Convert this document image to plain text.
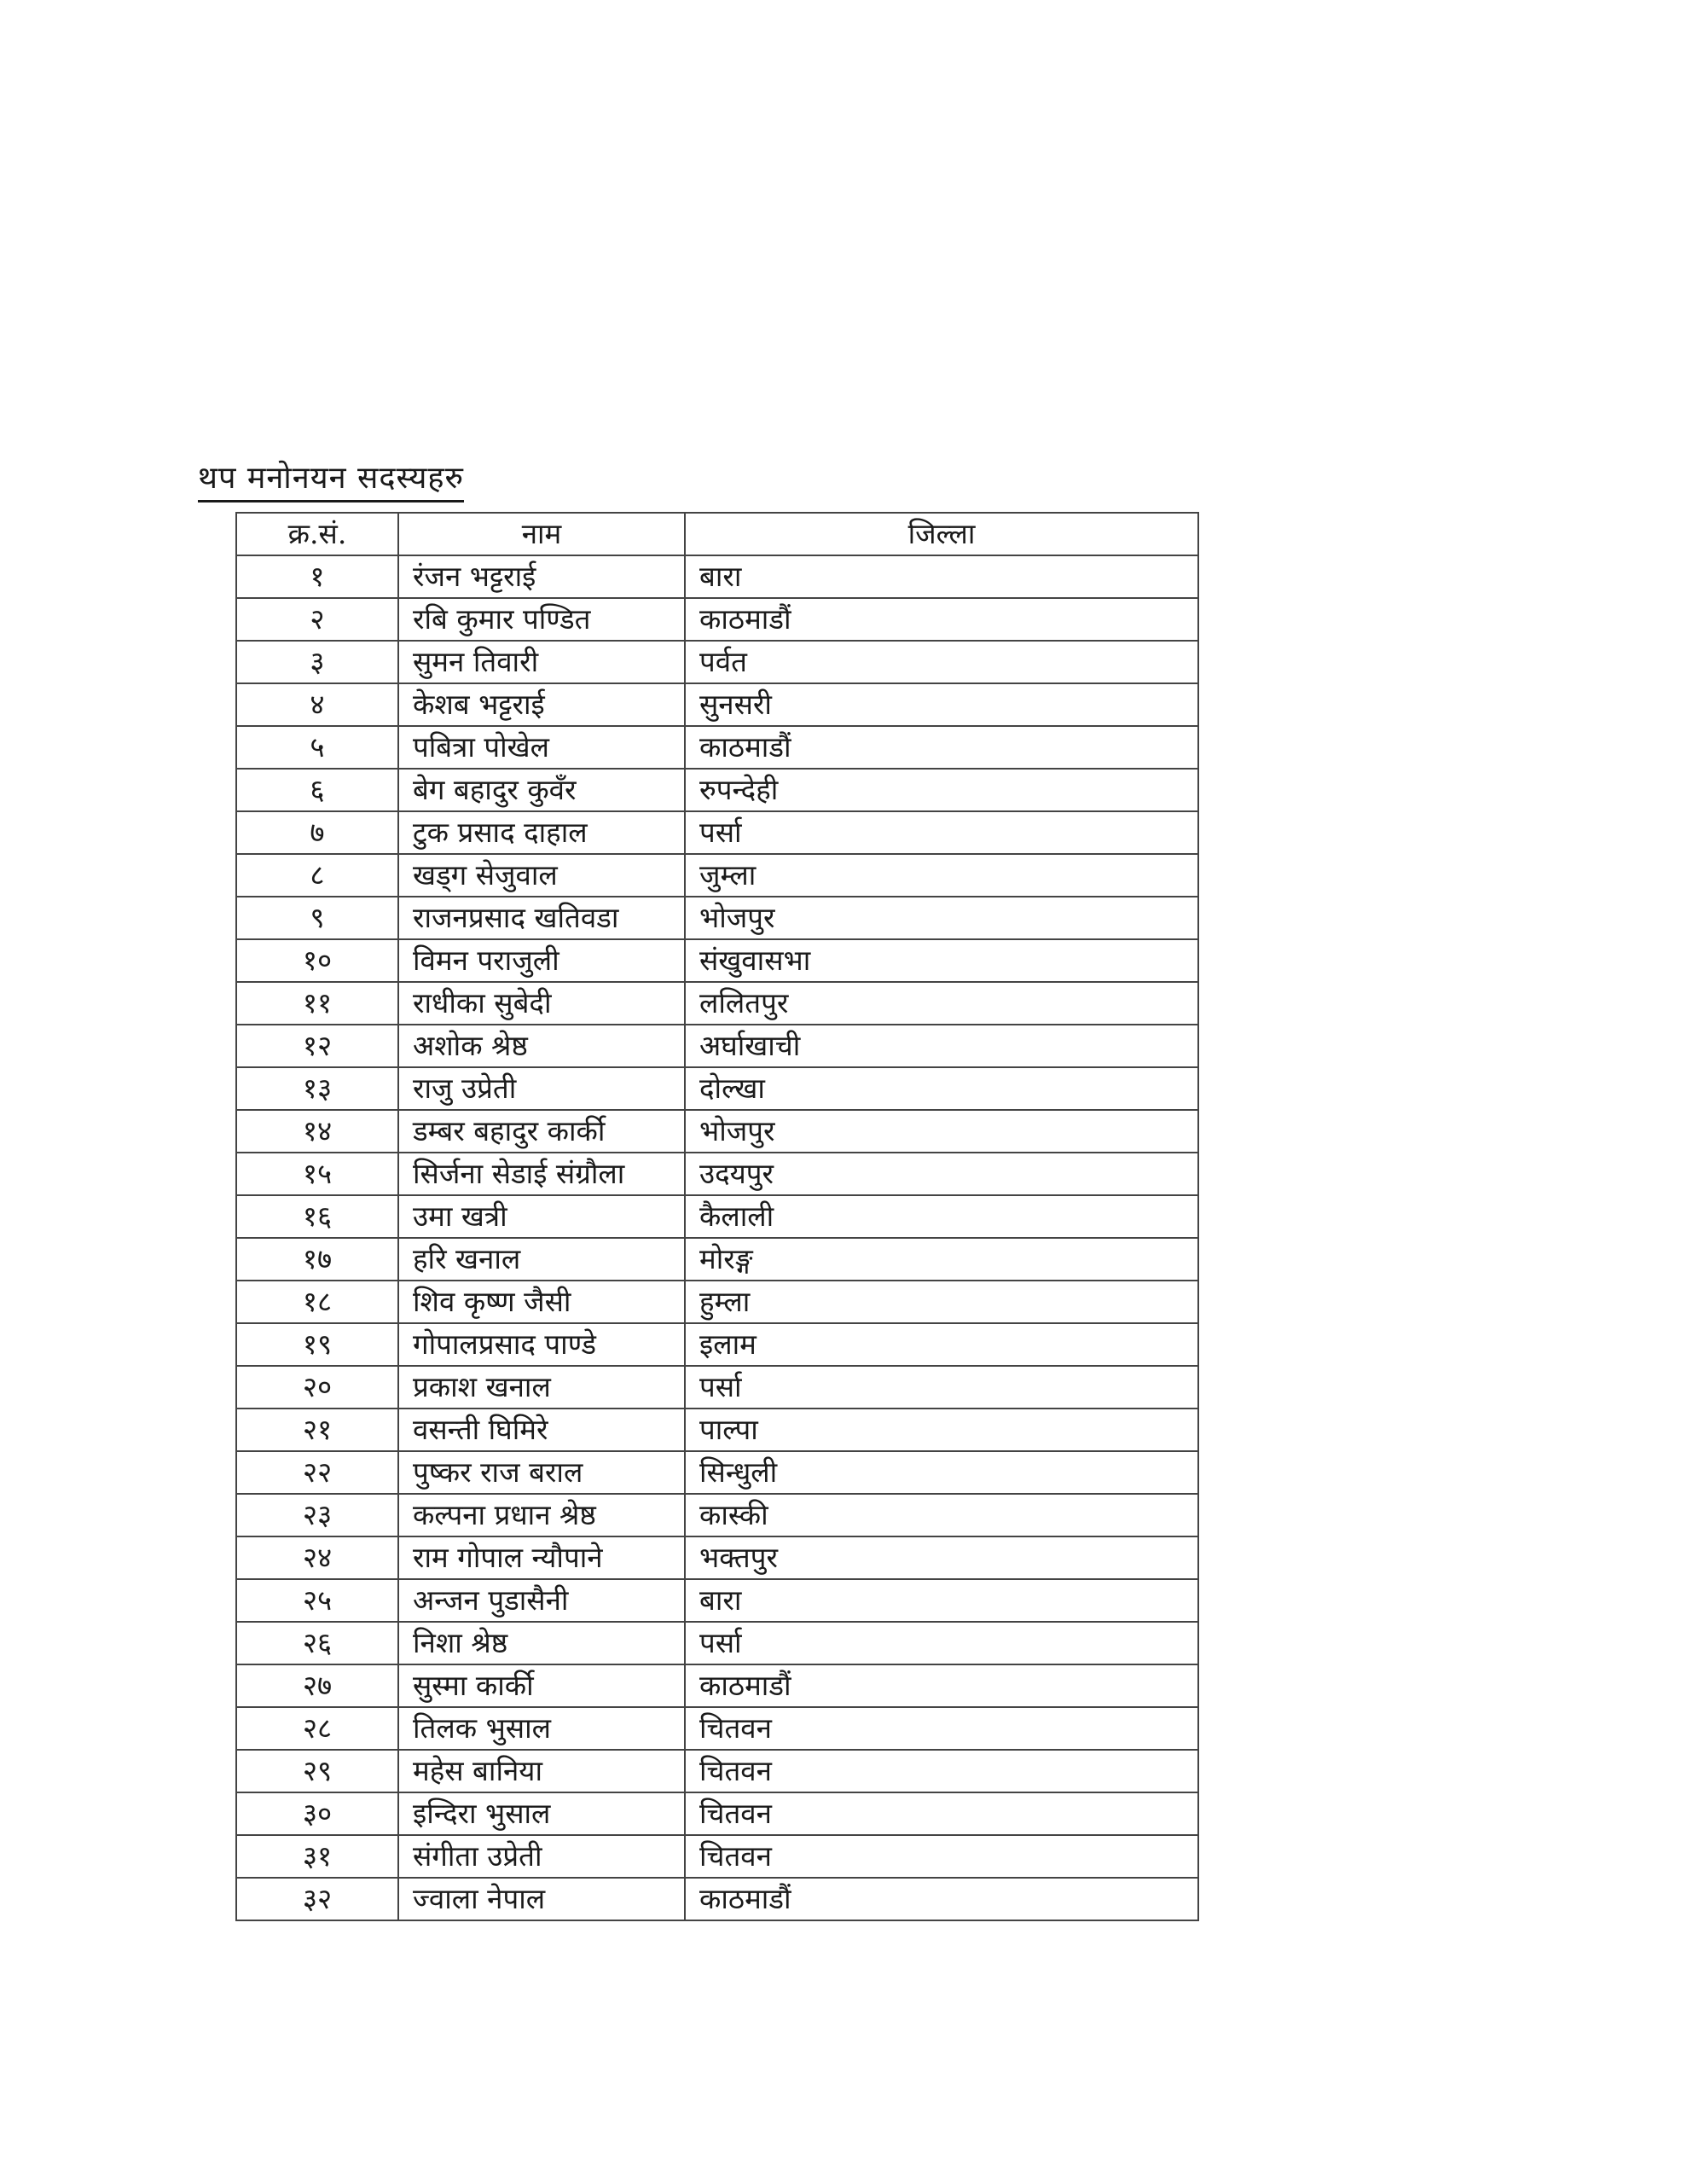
थप मनोनयन सदस्यहरु
क्र.सं.	नाम	जिल्ला
१	रंजन भट्टराई	बारा
२	रबि कुमार पण्डित	काठमाडौं
३	सुमन तिवारी	पर्वत
४	केशब भट्टराई	सुनसरी
५	पबित्रा पोखेल	काठमाडौं
६	बेग बहादुर कुवँर	रुपन्देही
७	टुक प्रसाद दाहाल	पर्सा
८	खड्ग सेजुवाल	जुम्ला
९	राजनप्रसाद खतिवडा	भोजपुर
१०	विमन पराजुली	संखुवासभा
११	राधीका सुबेदी	ललितपुर
१२	अशोक श्रेष्ठ	अर्घाखाची
१३	राजु उप्रेती	दोल्खा
१४	डम्बर बहादुर कार्की	भोजपुर
१५	सिर्जना सेडाई संग्रौला	उदयपुर
१६	उमा खत्री	कैलाली
१७	हरि खनाल	मोरङ्ग
१८	शिव कृष्ण जैसी	हुम्ला
१९	गोपालप्रसाद पाण्डे	इलाम
२०	प्रकाश खनाल	पर्सा
२१	वसन्ती घिमिरे	पाल्पा
२२	पुष्कर राज बराल	सिन्धुली
२३	कल्पना प्रधान श्रेष्ठ	कास्की
२४	राम गोपाल न्यौपाने	भक्तपुर
२५	अन्जन पुडासैनी	बारा
२६	निशा श्रेष्ठ	पर्सा
२७	सुस्मा कार्की	काठमाडौं
२८	तिलक भुसाल	चितवन
२९	महेस बानिया	चितवन
३०	इन्दिरा भुसाल	चितवन
३१	संगीता उप्रेती	चितवन
३२	ज्वाला नेपाल	काठमाडौं
